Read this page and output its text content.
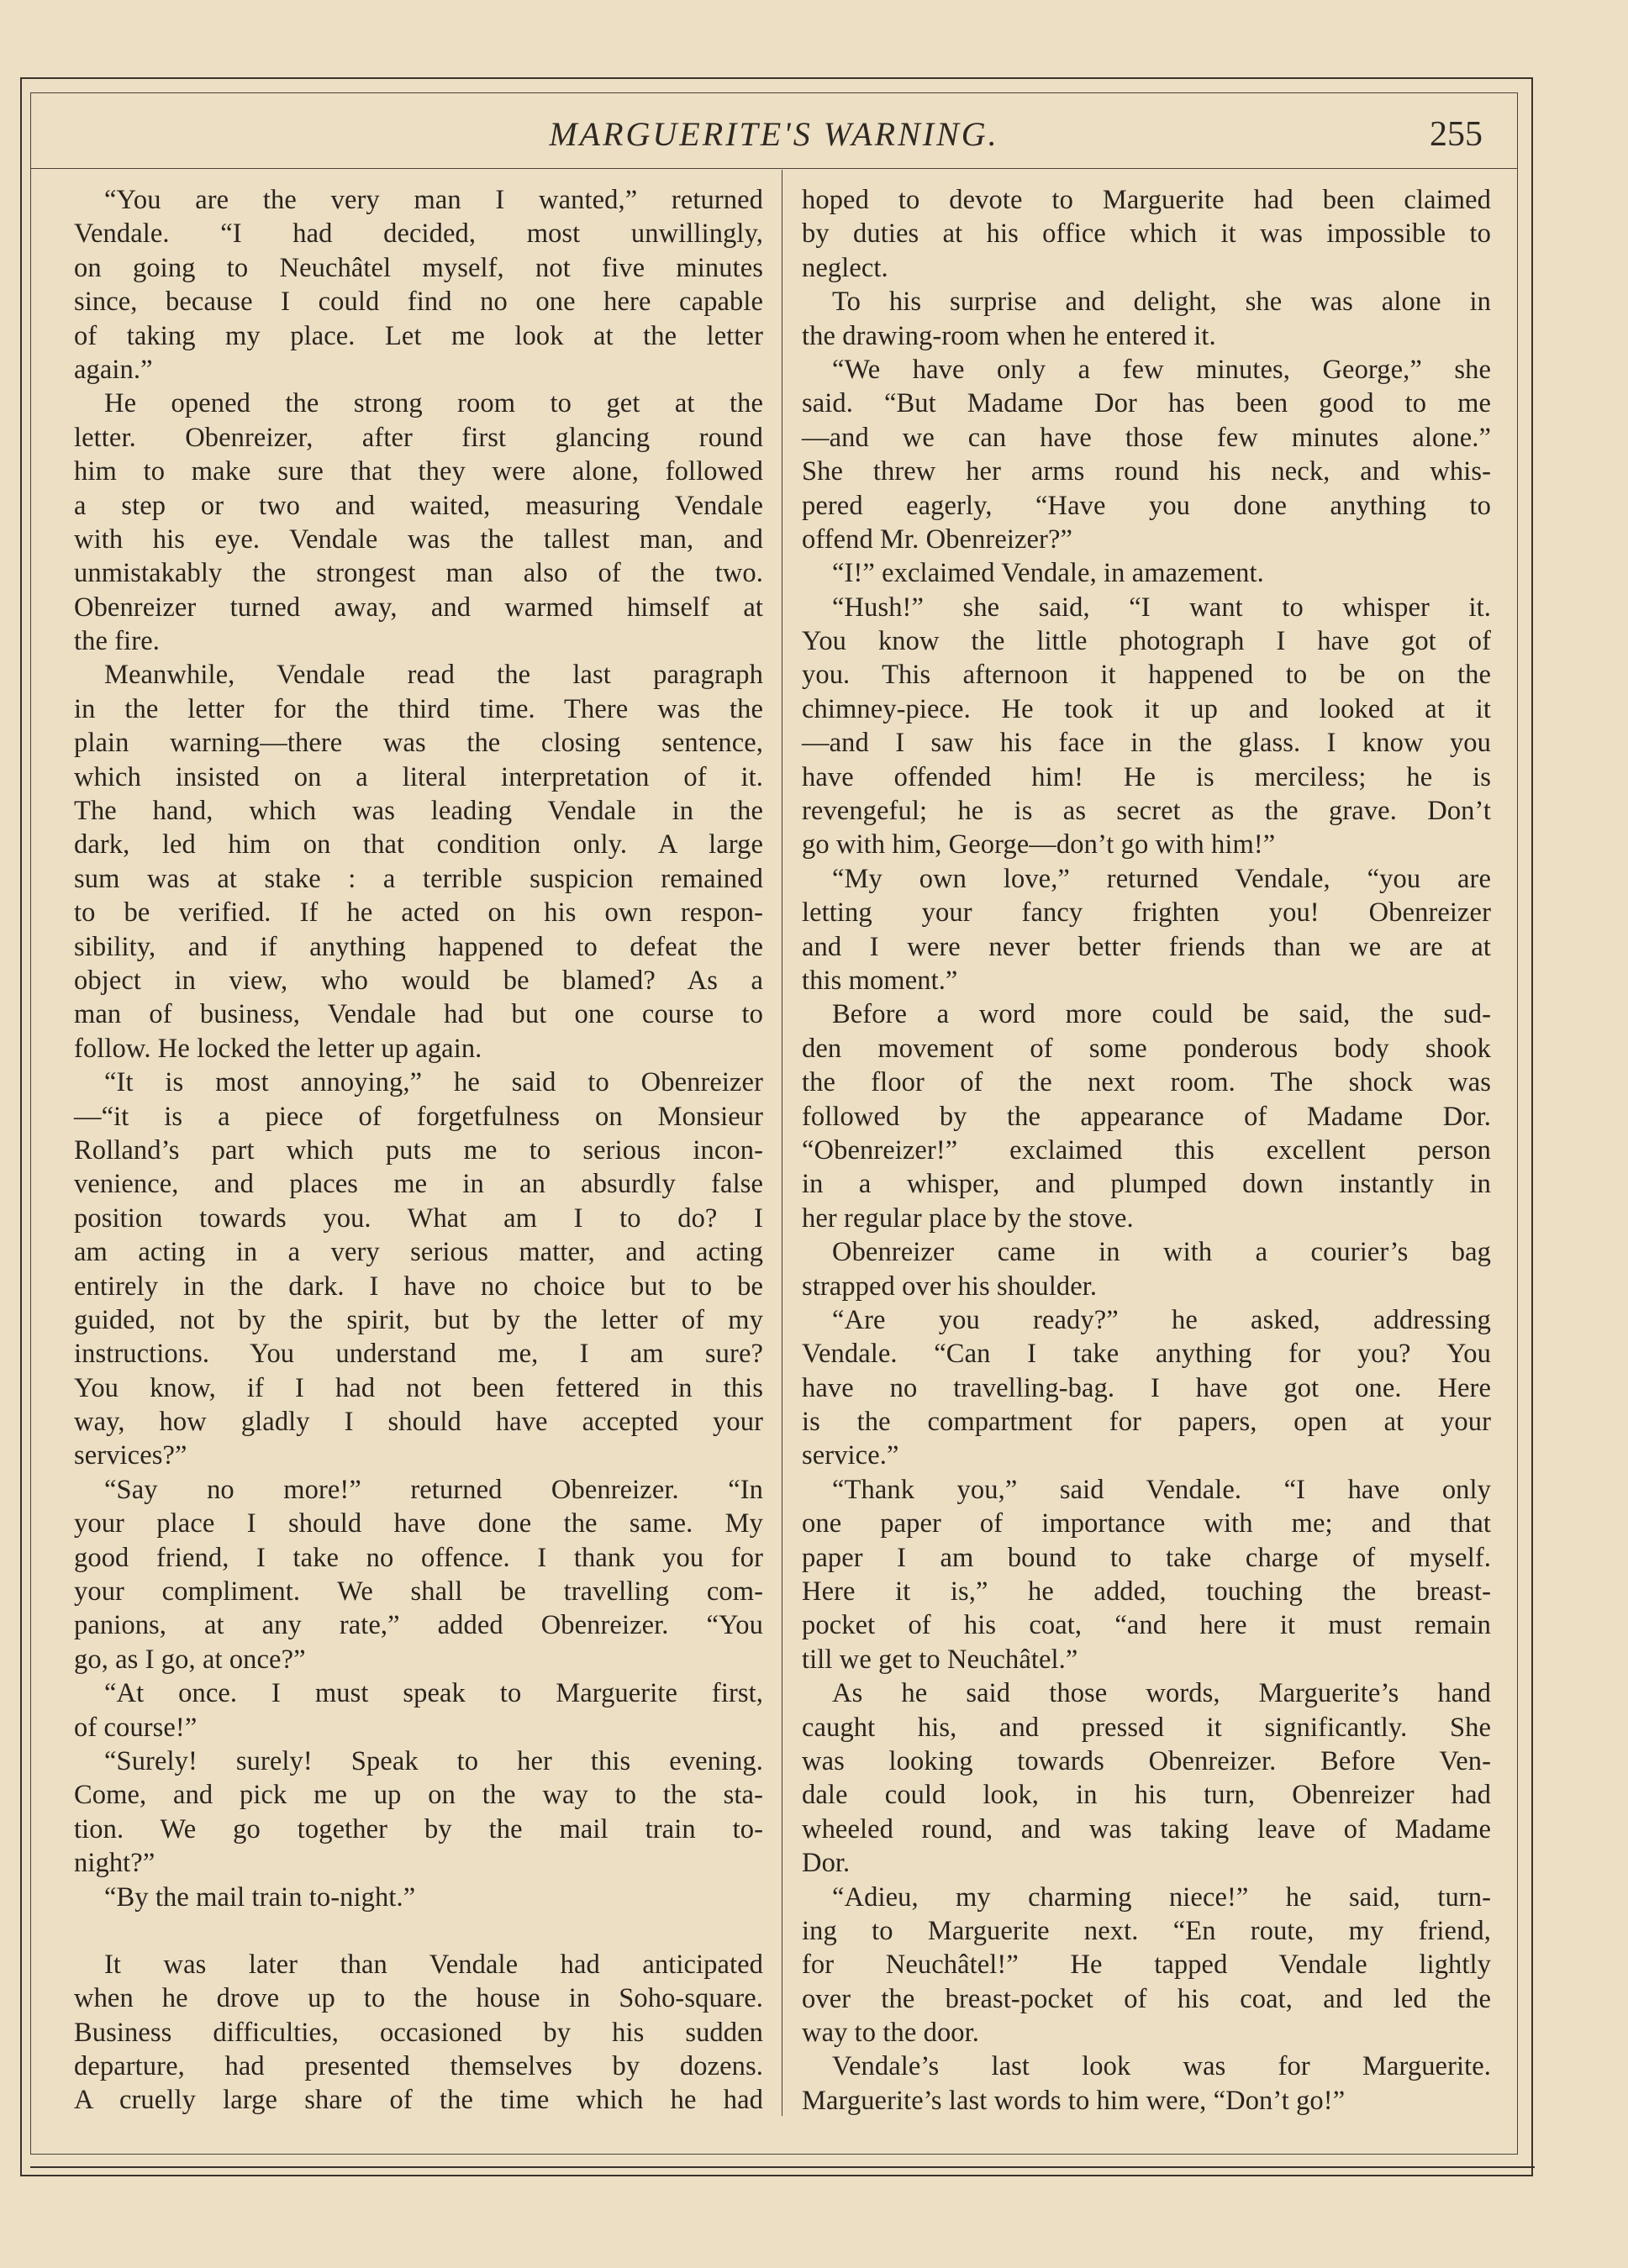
MARGUERITE'S WARNING.	255
“You are the very man I wanted,” returned
Vendale. “I had decided, most unwillingly,
on going to Neuchâtel myself, not five minutes
since, because I could find no one here capable
of taking my place. Let me look at the letter
again.”
He opened the strong room to get at the
letter. Obenreizer, after first glancing round
him to make sure that they were alone, followed
a step or two and waited, measuring Vendale
with his eye. Vendale was the tallest man, and
unmistakably the strongest man also of the two.
Obenreizer turned away, and warmed himself at
the fire.
Meanwhile, Vendale read the last paragraph
in the letter for the third time. There was the
plain warning—there was the closing sentence,
which insisted on a literal interpretation of it.
The hand, which was leading Vendale in the
dark, led him on that condition only. A large
sum was at stake : a terrible suspicion remained
to be verified. If he acted on his own respon-
sibility, and if anything happened to defeat the
object in view, who would be blamed? As a
man of business, Vendale had but one course to
follow. He locked the letter up again.
“It is most annoying,” he said to Obenreizer
—“it is a piece of forgetfulness on Monsieur
Rolland’s part which puts me to serious incon-
venience, and places me in an absurdly false
position towards you. What am I to do? I
am acting in a very serious matter, and acting
entirely in the dark. I have no choice but to be
guided, not by the spirit, but by the letter of my
instructions. You understand me, I am sure?
You know, if I had not been fettered in this
way, how gladly I should have accepted your
services?”
“Say no more!” returned Obenreizer. “In
your place I should have done the same. My
good friend, I take no offence. I thank you for
your compliment. We shall be travelling com-
panions, at any rate,” added Obenreizer. “You
go, as I go, at once?”
“At once. I must speak to Marguerite first,
of course!”
“Surely! surely! Speak to her this evening.
Come, and pick me up on the way to the sta-
tion. We go together by the mail train to-
night?”
“By the mail train to-night.”
It was later than Vendale had anticipated
when he drove up to the house in Soho-square.
Business difficulties, occasioned by his sudden
departure, had presented themselves by dozens.
A cruelly large share of the time which he had
hoped to devote to Marguerite had been claimed
by duties at his office which it was impossible to
neglect.
To his surprise and delight, she was alone in
the drawing-room when he entered it.
“We have only a few minutes, George,” she
said. “But Madame Dor has been good to me
—and we can have those few minutes alone.”
She threw her arms round his neck, and whis-
pered eagerly, “Have you done anything to
offend Mr. Obenreizer?”
“I!” exclaimed Vendale, in amazement.
“Hush!” she said, “I want to whisper it.
You know the little photograph I have got of
you. This afternoon it happened to be on the
chimney-piece. He took it up and looked at it
—and I saw his face in the glass. I know you
have offended him! He is merciless; he is
revengeful; he is as secret as the grave. Don’t
go with him, George—don’t go with him!”
“My own love,” returned Vendale, “you are
letting your fancy frighten you! Obenreizer
and I were never better friends than we are at
this moment.”
Before a word more could be said, the sud-
den movement of some ponderous body shook
the floor of the next room. The shock was
followed by the appearance of Madame Dor.
“Obenreizer!” exclaimed this excellent person
in a whisper, and plumped down instantly in
her regular place by the stove.
Obenreizer came in with a courier’s bag
strapped over his shoulder.
“Are you ready?” he asked, addressing
Vendale. “Can I take anything for you? You
have no travelling-bag. I have got one. Here
is the compartment for papers, open at your
service.”
“Thank you,” said Vendale. “I have only
one paper of importance with me; and that
paper I am bound to take charge of myself.
Here it is,” he added, touching the breast-
pocket of his coat, “and here it must remain
till we get to Neuchâtel.”
As he said those words, Marguerite’s hand
caught his, and pressed it significantly. She
was looking towards Obenreizer. Before Ven-
dale could look, in his turn, Obenreizer had
wheeled round, and was taking leave of Madame
Dor.
“Adieu, my charming niece!” he said, turn-
ing to Marguerite next. “En route, my friend,
for Neuchâtel!” He tapped Vendale lightly
over the breast-pocket of his coat, and led the
way to the door.
Vendale’s last look was for Marguerite.
Marguerite’s last words to him were, “Don’t go!”
